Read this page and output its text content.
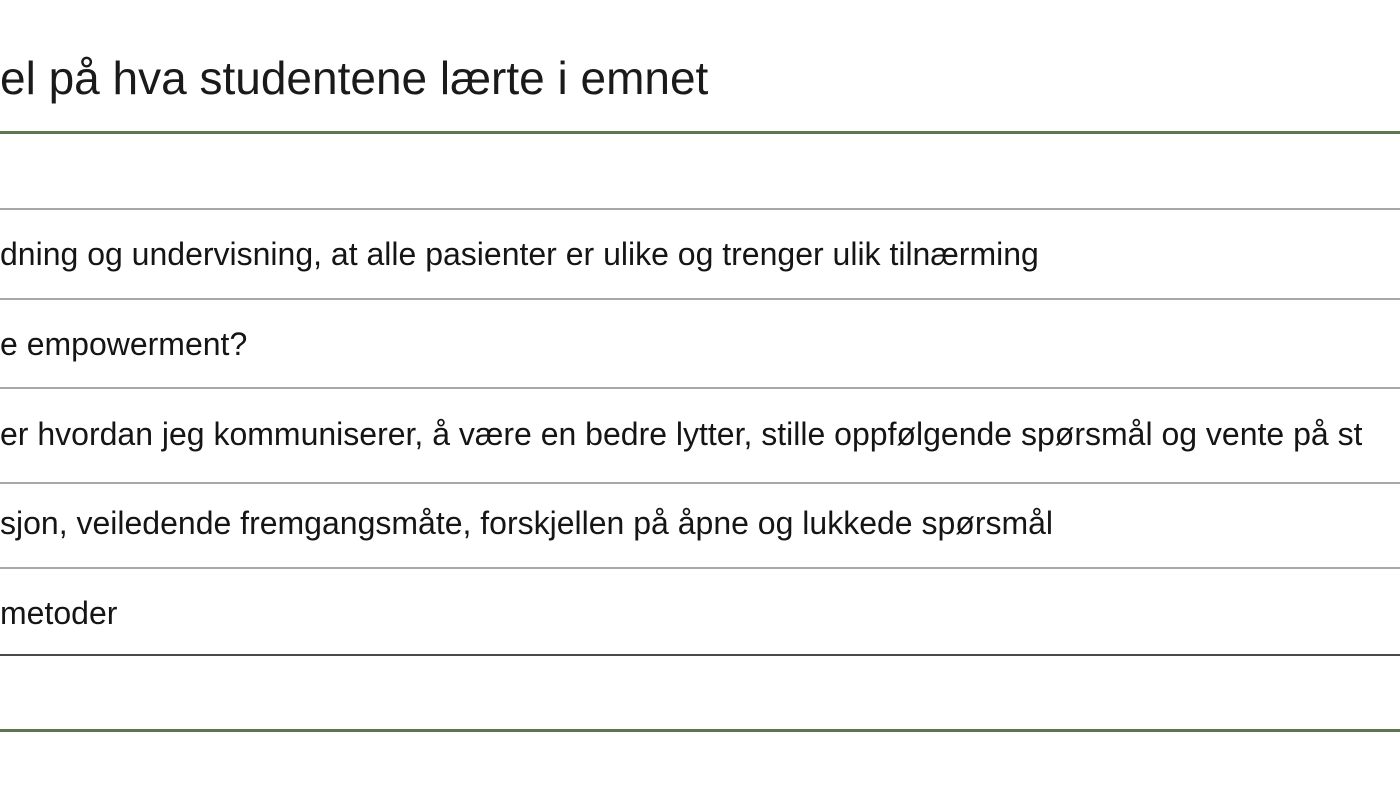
el på hva studentene lærte i emnet
dning og undervisning, at alle pasienter er ulike og trenger ulik tilnærming
e empowerment?
er hvordan jeg kommuniserer, å være en bedre lytter, stille oppfølgende spørsmål og vente på st
sjon, veiledende fremgangsmåte, forskjellen på åpne og lukkede spørsmål
metoder
